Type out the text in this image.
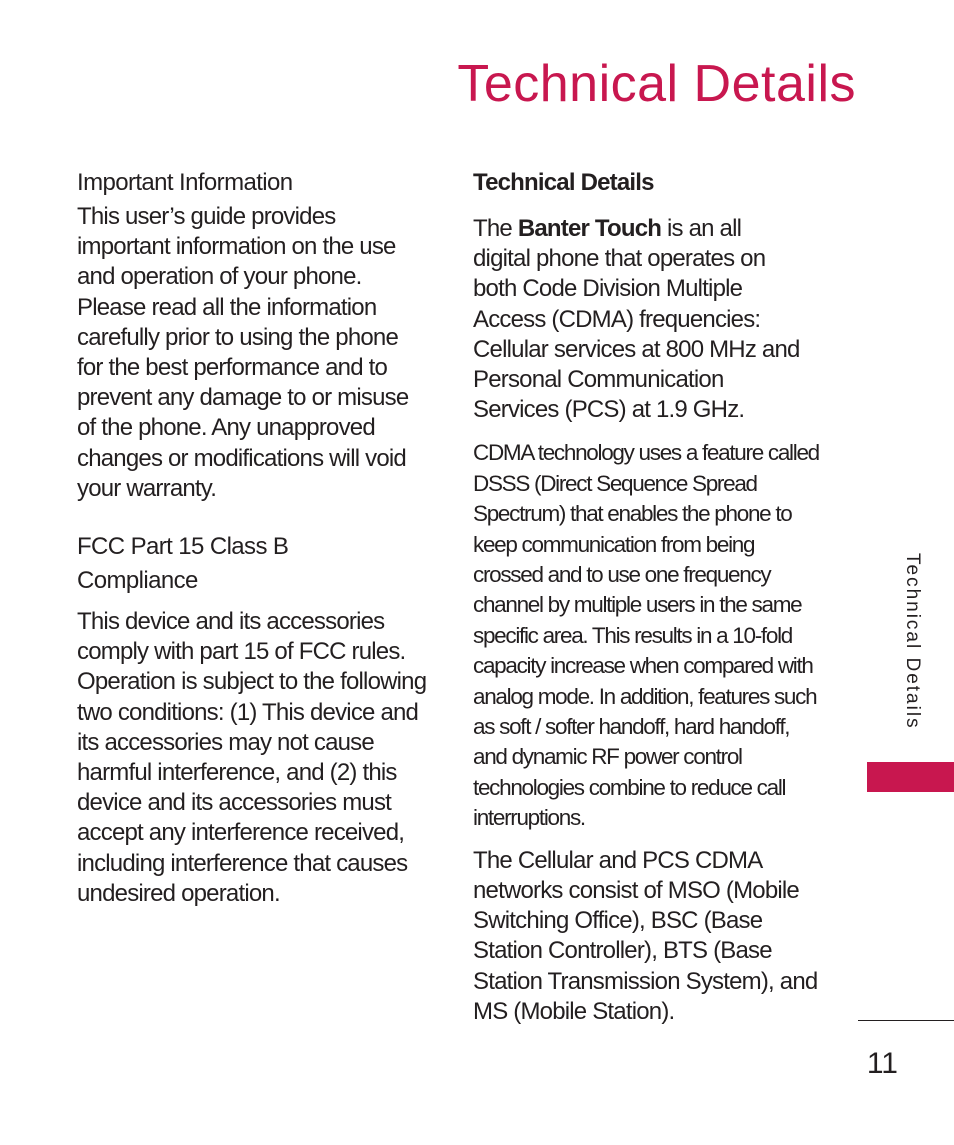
Technical Details
Important Information

This user’s guide provides important information on the use and operation of your phone. Please read all the information carefully prior to using the phone for the best performance and to prevent any damage to or misuse of the phone. Any unapproved changes or modifications will void your warranty.

FCC Part 15 Class B
Compliance

This device and its accessories comply with part 15 of FCC rules. Operation is subject to the following two conditions: (1) This device and its accessories may not cause harmful interference, and (2) this device and its accessories must accept any interference received, including interference that causes undesired operation.

Technical Details

The Banter Touch is an all digital phone that operates on both Code Division Multiple Access (CDMA) frequencies: Cellular services at 800 MHz and Personal Communication Services (PCS) at 1.9 GHz.

CDMA technology uses a feature called DSSS (Direct Sequence Spread Spectrum) that enables the phone to keep communication from being crossed and to use one frequency channel by multiple users in the same specific area. This results in a 10-fold capacity increase when compared with analog mode. In addition, features such as soft / softer handoff, hard handoff, and dynamic RF power control technologies combine to reduce call interruptions.

The Cellular and PCS CDMA networks consist of MSO (Mobile Switching Office), BSC (Base Station Controller), BTS (Base Station Transmission System), and MS (Mobile Station).

Technical Details
11
